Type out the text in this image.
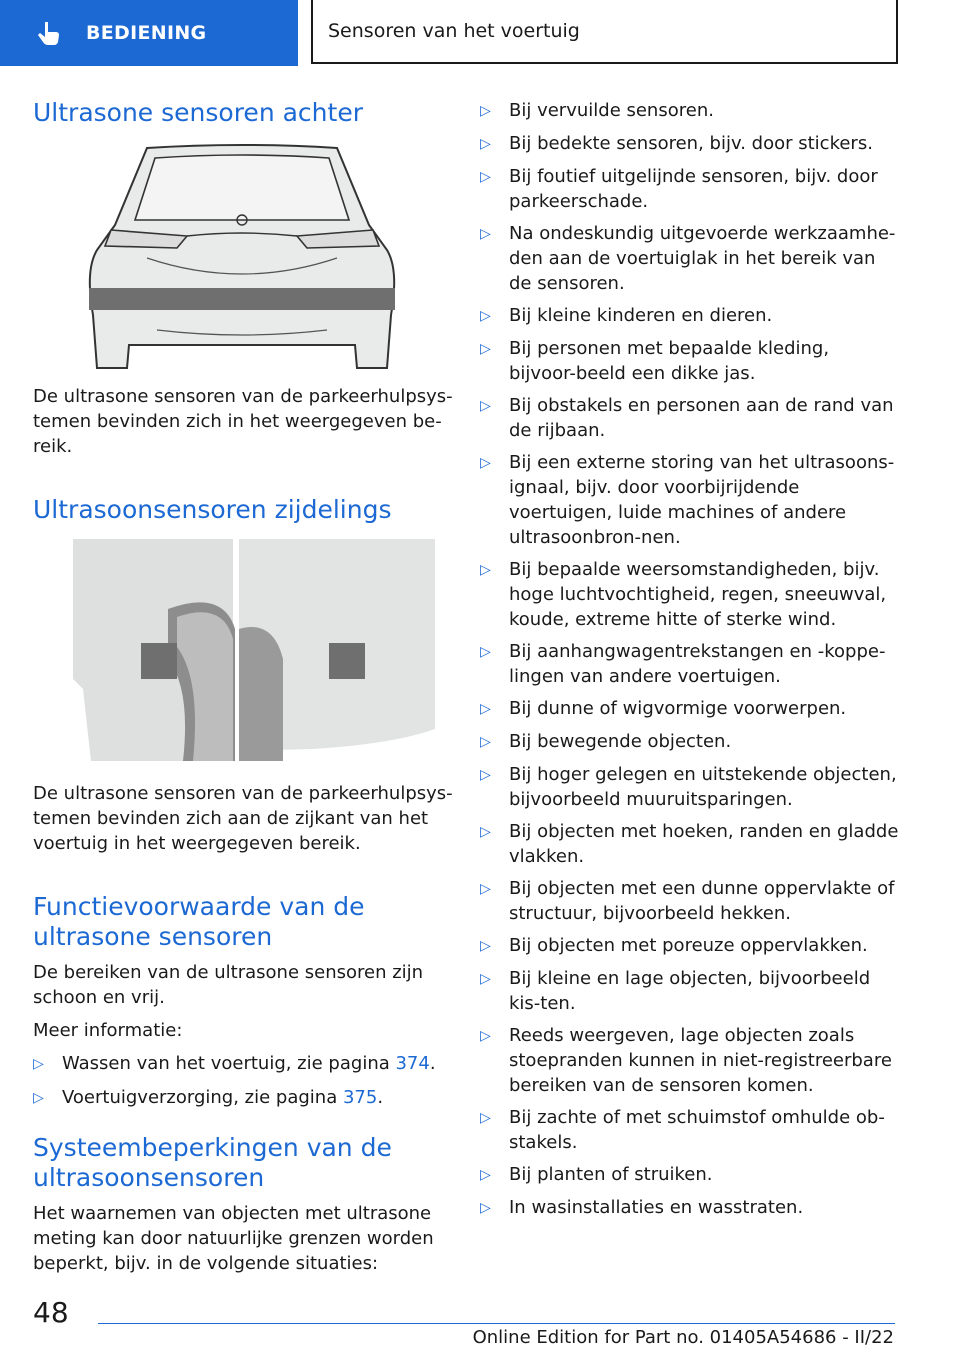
BEDIENING	Sensoren van het voertuig
Ultrasone sensoren achter

De ultrasone sensoren van de parkeerhulpsys-temen bevinden zich in het weergegeven be-reik.

Ultrasoonsensoren zijdelings

De ultrasone sensoren van de parkeerhulpsys-temen bevinden zich aan de zijkant van het voertuig in het weergegeven bereik.

Functievoorwaarde van de ultrasone sensoren

De bereiken van de ultrasone sensoren zijn schoon en vrij.

Meer informatie:

▷	Wassen van het voertuig, zie pagina 374.
▷	Voertuigverzorging, zie pagina 375.
Systeembeperkingen van de ultrasoonsensoren

Het waarnemen van objecten met ultrasone meting kan door natuurlijke grenzen worden beperkt, bijv. in de volgende situaties:

▷	Bij vervuilde sensoren.
▷	Bij bedekte sensoren, bijv. door stickers.
▷	Bij foutief uitgelijnde sensoren, bijv. door parkeerschade.
▷	Na ondeskundig uitgevoerde werkzaamhe-den aan de voertuiglak in het bereik van de sensoren.
▷	Bij kleine kinderen en dieren.
▷	Bij personen met bepaalde kleding, bijvoor-beeld een dikke jas.
▷	Bij obstakels en personen aan de rand van de rijbaan.
▷	Bij een externe storing van het ultrasoons-ignaal, bijv. door voorbijrijdende voertuigen, luide machines of andere ultrasoonbron-nen.
▷	Bij bepaalde weersomstandigheden, bijv. hoge luchtvochtigheid, regen, sneeuwval, koude, extreme hitte of sterke wind.
▷	Bij aanhangwagentrekstangen en -koppe-lingen van andere voertuigen.
▷	Bij dunne of wigvormige voorwerpen.
▷	Bij bewegende objecten.
▷	Bij hoger gelegen en uitstekende objecten, bijvoorbeeld muuruitsparingen.
▷	Bij objecten met hoeken, randen en gladde vlakken.
▷	Bij objecten met een dunne oppervlakte of structuur, bijvoorbeeld hekken.
▷	Bij objecten met poreuze oppervlakken.
▷	Bij kleine en lage objecten, bijvoorbeeld kis-ten.
▷	Reeds weergeven, lage objecten zoals stoepranden kunnen in niet-registreerbare bereiken van de sensoren komen.
▷	Bij zachte of met schuimstof omhulde ob-stakels.
▷	Bij planten of struiken.
▷	In wasinstallaties en wasstraten.
48
Online Edition for Part no. 01405A54686 - II/22
